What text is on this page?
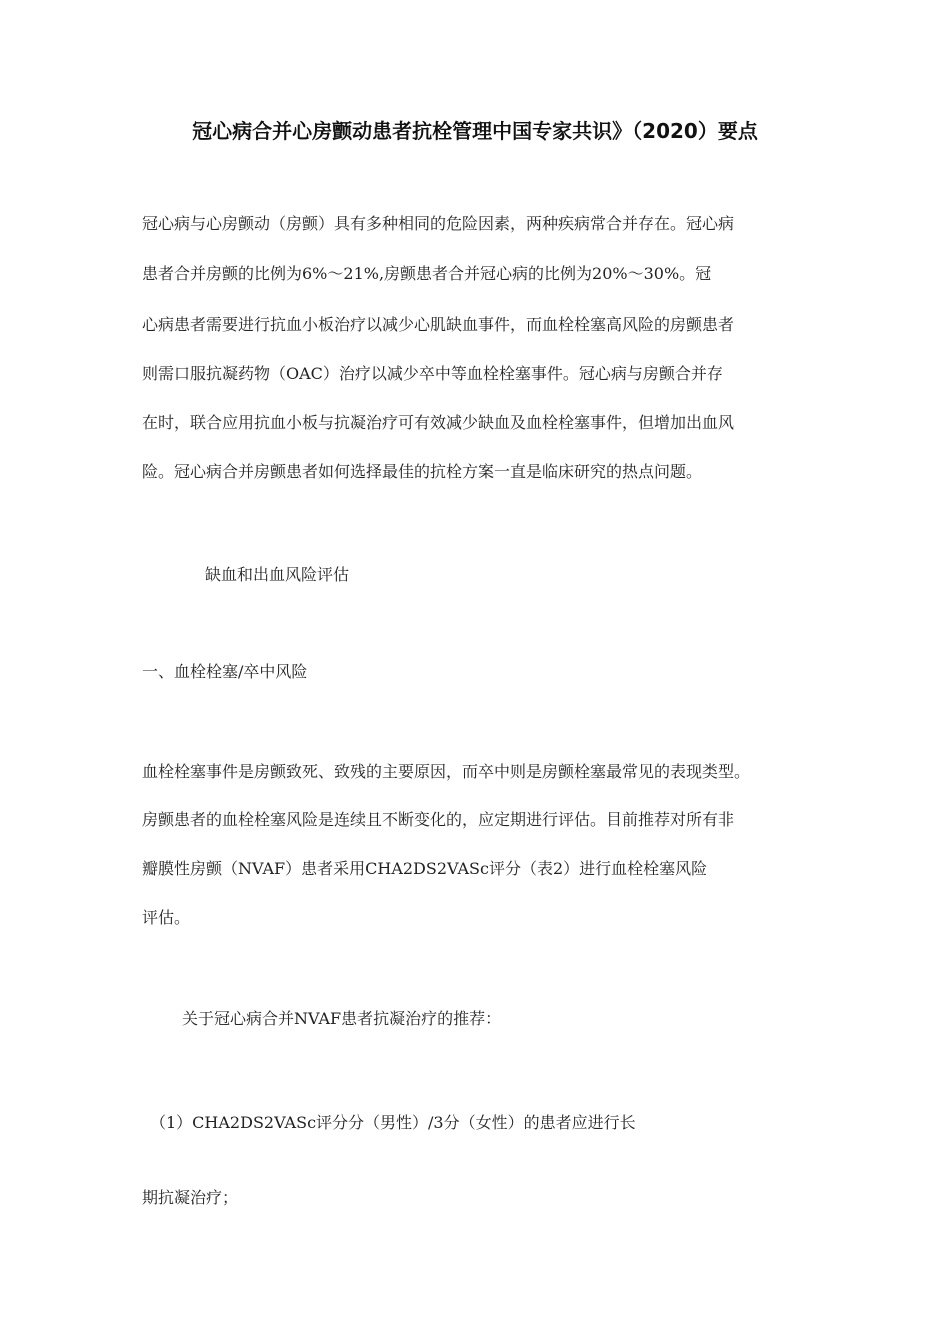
冠心病合并心房颤动患者抗栓管理中国专家共识》（2020）要点
冠心病与心房颤动（房颤）具有多种相同的危险因素，两种疾病常合并存在。冠心病
患者合并房颤的比例为6%～21%,房颤患者合并冠心病的比例为20%～30%。冠
心病患者需要进行抗血小板治疗以减少心肌缺血事件，而血栓栓塞高风险的房颤患者
则需口服抗凝药物（OAC）治疗以减少卒中等血栓栓塞事件。冠心病与房颤合并存
在时，联合应用抗血小板与抗凝治疗可有效减少缺血及血栓栓塞事件，但增加出血风
险。冠心病合并房颤患者如何选择最佳的抗栓方案一直是临床研究的热点问题。
缺血和出血风险评估
一、血栓栓塞/卒中风险
血栓栓塞事件是房颤致死、致残的主要原因，而卒中则是房颤栓塞最常见的表现类型。
房颤患者的血栓栓塞风险是连续且不断变化的，应定期进行评估。目前推荐对所有非
瓣膜性房颤（NVAF）患者采用CHA2DS2VASc评分（表2）进行血栓栓塞风险
评估。
关于冠心病合并NVAF患者抗凝治疗的推荐：
（1）CHA2DS2VASc评分分（男性）/3分（女性）的患者应进行长
期抗凝治疗；
